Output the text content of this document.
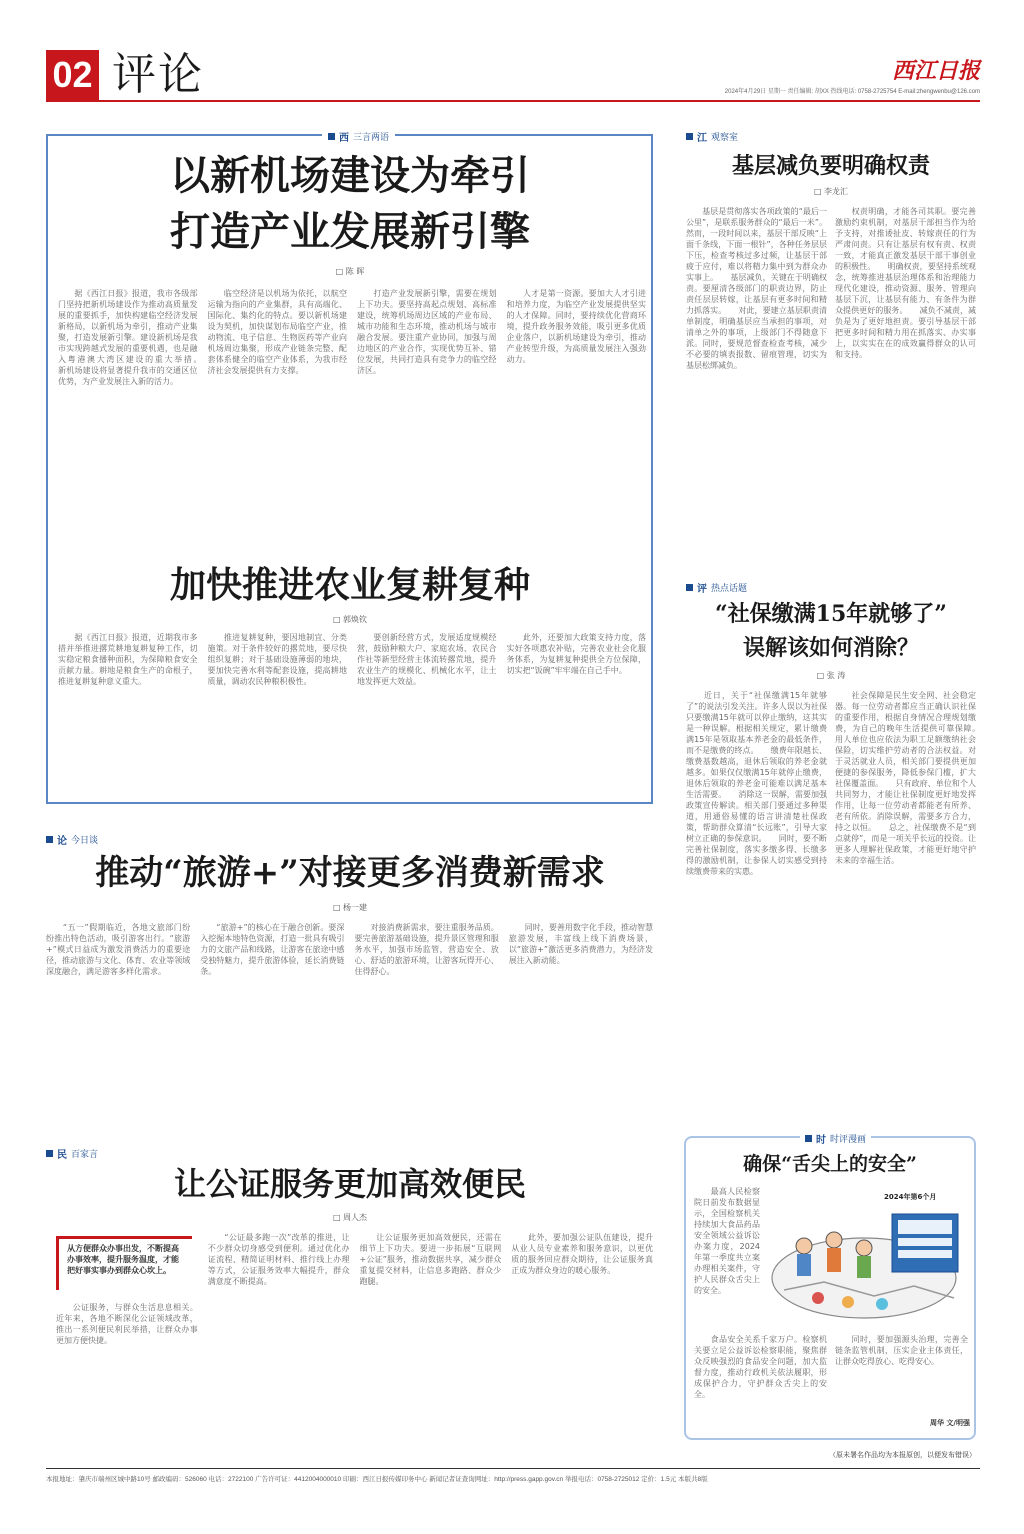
02 评论	西江日报
2024年4月29日 星期一 责任编辑: 胡XX 热线电话: 0758-2725754 E-mail:zhengwenbu@126.com
西 三言两语
以新机场建设为牵引
打造产业发展新引擎
□ 陈 晖
　　据《西江日报》报道，我市各级部门坚持把新机场建设作为推动高质量发展的重要抓手，加快构建临空经济发展新格局，以新机场为牵引，推动产业集聚，打造发展新引擎。建设新机场是我市实现跨越式发展的重要机遇，也是融入粤港澳大湾区建设的重大举措。　　新机场建设将显著提升我市的交通区位优势，为产业发展注入新的活力。
　　临空经济是以机场为依托，以航空运输为指向的产业集群，具有高端化、国际化、集约化的特点。要以新机场建设为契机，加快谋划布局临空产业，推动物流、电子信息、生物医药等产业向机场周边集聚，形成产业链条完整、配套体系健全的临空产业体系，为我市经济社会发展提供有力支撑。
　　打造产业发展新引擎，需要在规划上下功夫。要坚持高起点规划、高标准建设，统筹机场周边区域的产业布局、城市功能和生态环境，推动机场与城市融合发展。要注重产业协同，加强与周边地区的产业合作，实现优势互补、错位发展，共同打造具有竞争力的临空经济区。
　　人才是第一资源。要加大人才引进和培养力度，为临空产业发展提供坚实的人才保障。同时，要持续优化营商环境，提升政务服务效能，吸引更多优质企业落户，以新机场建设为牵引，推动产业转型升级，为高质量发展注入强劲动力。
加快推进农业复耕复种
□ 郭焕钦
　　据《西江日报》报道，近期我市多措并举推进撂荒耕地复耕复种工作，切实稳定粮食播种面积，为保障粮食安全贡献力量。耕地是粮食生产的命根子，推进复耕复种意义重大。
　　推进复耕复种，要因地制宜、分类施策。对于条件较好的撂荒地，要尽快组织复耕；对于基础设施薄弱的地块，要加快完善水利等配套设施，提高耕地质量，调动农民种粮积极性。
　　要创新经营方式，发展适度规模经营，鼓励种粮大户、家庭农场、农民合作社等新型经营主体流转撂荒地，提升农业生产的规模化、机械化水平，让土地发挥更大效益。
　　此外，还要加大政策支持力度，落实好各项惠农补贴，完善农业社会化服务体系，为复耕复种提供全方位保障，切实把“饭碗”牢牢端在自己手中。
江 观察室
基层减负要明确权责
□ 李龙汇
　　基层是贯彻落实各项政策的“最后一公里”，是联系服务群众的“最后一米”。然而，一段时间以来，基层干部反映“上面千条线，下面一根针”，各种任务层层下压，检查考核过多过频，让基层干部疲于应付，难以将精力集中到为群众办实事上。　　基层减负，关键在于明确权责。要厘清各级部门的职责边界，防止责任层层转嫁，让基层有更多时间和精力抓落实。　　对此，要建立基层职责清单制度，明确基层应当承担的事项，对清单之外的事项，上级部门不得随意下派。同时，要规范督查检查考核，减少不必要的填表报数、留痕管理，切实为基层松绑减负。
　　权责明确，才能各司其职。要完善激励约束机制，对基层干部担当作为给予支持，对推诿扯皮、转嫁责任的行为严肃问责。只有让基层有权有责、权责一致，才能真正激发基层干部干事创业的积极性。　　明确权责，要坚持系统观念，统筹推进基层治理体系和治理能力现代化建设，推动资源、服务、管理向基层下沉，让基层有能力、有条件为群众提供更好的服务。　　减负不减责，减负是为了更好地担责。要引导基层干部把更多时间和精力用在抓落实、办实事上，以实实在在的成效赢得群众的认可和支持。
评 热点话题
“社保缴满15年就够了”
误解该如何消除？
□ 张 涛
　　近日，关于“社保缴满15年就够了”的说法引发关注。许多人误以为社保只要缴满15年就可以停止缴纳，这其实是一种误解。根据相关规定，累计缴费满15年是领取基本养老金的最低条件，而不是缴费的终点。　　缴费年限越长、缴费基数越高，退休后领取的养老金就越多。如果仅仅缴满15年就停止缴费，退休后领取的养老金可能难以满足基本生活需要。　　消除这一误解，需要加强政策宣传解读。相关部门要通过多种渠道，用通俗易懂的语言讲清楚社保政策，帮助群众算清“长远账”，引导大家树立正确的参保意识。　　同时，要不断完善社保制度，落实多缴多得、长缴多得的激励机制，让参保人切实感受到持续缴费带来的实惠。
　　社会保障是民生安全网、社会稳定器。每一位劳动者都应当正确认识社保的重要作用，根据自身情况合理规划缴费，为自己的晚年生活提供可靠保障。　　用人单位也应依法为职工足额缴纳社会保险，切实维护劳动者的合法权益。对于灵活就业人员，相关部门要提供更加便捷的参保服务，降低参保门槛，扩大社保覆盖面。　　只有政府、单位和个人共同努力，才能让社保制度更好地发挥作用，让每一位劳动者都能老有所养、老有所依。消除误解，需要多方合力，持之以恒。　　总之，社保缴费不是“到点就停”，而是一项关乎长远的投资。让更多人理解社保政策，才能更好地守护未来的幸福生活。
论 今日谈
推动“旅游+”对接更多消费新需求
□ 杨一建
　　“五一”假期临近，各地文旅部门纷纷推出特色活动，吸引游客出行。“旅游+”模式日益成为激发消费活力的重要途径，推动旅游与文化、体育、农业等领域深度融合，满足游客多样化需求。
　　“旅游+”的核心在于融合创新。要深入挖掘本地特色资源，打造一批具有吸引力的文旅产品和线路，让游客在旅途中感受独特魅力，提升旅游体验，延长消费链条。
　　对接消费新需求，要注重服务品质。要完善旅游基础设施，提升景区管理和服务水平，加强市场监管，营造安全、放心、舒适的旅游环境，让游客玩得开心、住得舒心。
　　同时，要善用数字化手段，推动智慧旅游发展，丰富线上线下消费场景，以“旅游+”激活更多消费潜力，为经济发展注入新动能。
民 百家言
让公证服务更加高效便民
□ 周人杰
从方便群众办事出发，不断提高办事效率，提升服务温度，才能把好事实事办到群众心坎上。
　　公证服务，与群众生活息息相关。近年来，各地不断深化公证领域改革，推出一系列便民利民举措，让群众办事更加方便快捷。
　　“公证最多跑一次”改革的推进，让不少群众切身感受到便利。通过优化办证流程、精简证明材料、推行线上办理等方式，公证服务效率大幅提升，群众满意度不断提高。
　　让公证服务更加高效便民，还需在细节上下功夫。要进一步拓展“互联网+公证”服务，推动数据共享，减少群众重复提交材料，让信息多跑路、群众少跑腿。
　　此外，要加强公证队伍建设，提升从业人员专业素养和服务意识，以更优质的服务回应群众期待，让公证服务真正成为群众身边的暖心服务。
时 时评漫画
确保“舌尖上的安全”
　　最高人民检察院日前发布数据显示，全国检察机关持续加大食品药品安全领域公益诉讼办案力度，2024年第一季度共立案办理相关案件，守护人民群众舌尖上的安全。
2024年第6个月
　　食品安全关系千家万户。检察机关要立足公益诉讼检察职能，聚焦群众反映强烈的食品安全问题，加大监督力度，推动行政机关依法履职，形成保护合力，守护群众舌尖上的安全。
　　同时，要加强源头治理，完善全链条监管机制，压实企业主体责任，让群众吃得放心、吃得安心。
周华 文/明强
（原未署名作品均为本报原创，以便发布错误）
本报地址：肇庆市端州区城中路10号 邮政编码：526060 电话：2722100 广告许可证：4412004000010 印刷：西江日报传媒印务中心 新闻记者证查询网址：http://press.gapp.gov.cn 举报电话：0758-2725012 定价：1.5元 本版共8版
